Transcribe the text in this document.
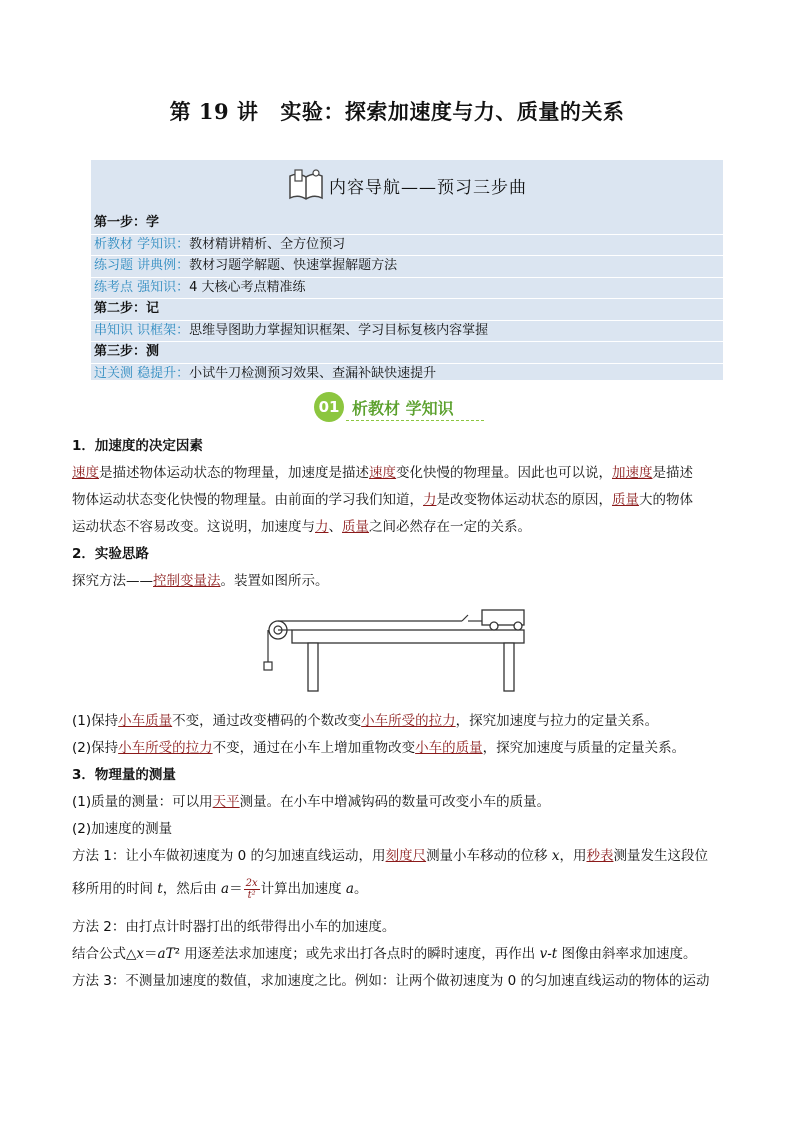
第 19 讲 实验：探索加速度与力、质量的关系
内容导航——预习三步曲
第一步：学
析教材 学知识：教材精讲精析、全方位预习
练习题 讲典例：教材习题学解题、快速掌握解题方法
练考点 强知识：4 大核心考点精准练
第二步：记
串知识 识框架：思维导图助力掌握知识框架、学习目标复核内容掌握
第三步：测
过关测 稳提升：小试牛刀检测预习效果、查漏补缺快速提升
01 析教材 学知识
1．加速度的决定因素
速度是描述物体运动状态的物理量，加速度是描述速度变化快慢的物理量。因此也可以说，加速度是描述
物体运动状态变化快慢的物理量。由前面的学习我们知道，力是改变物体运动状态的原因，质量大的物体
运动状态不容易改变。这说明，加速度与力、质量之间必然存在一定的关系。
2．实验思路
探究方法——控制变量法。装置如图所示。
(1)保持小车质量不变，通过改变槽码的个数改变小车所受的拉力，探究加速度与拉力的定量关系。
(2)保持小车所受的拉力不变，通过在小车上增加重物改变小车的质量，探究加速度与质量的定量关系。
3．物理量的测量
(1)质量的测量：可以用天平测量。在小车中增减钩码的数量可改变小车的质量。
(2)加速度的测量
方法 1：让小车做初速度为 0 的匀加速直线运动，用刻度尺测量小车移动的位移 x，用秒表测量发生这段位
移所用的时间 t，然后由 $a= \frac{2x}{\text{t²}}$ 计算出加速度 a。
方法 2：由打点计时器打出的纸带得出小车的加速度。
结合公式△x＝aT² 用逐差法求加速度；或先求出打各点时的瞬时速度，再作出 v-t 图像由斜率求加速度。
方法 3：不测量加速度的数值，求加速度之比。例如：让两个做初速度为 0 的匀加速直线运动的物体的运动
